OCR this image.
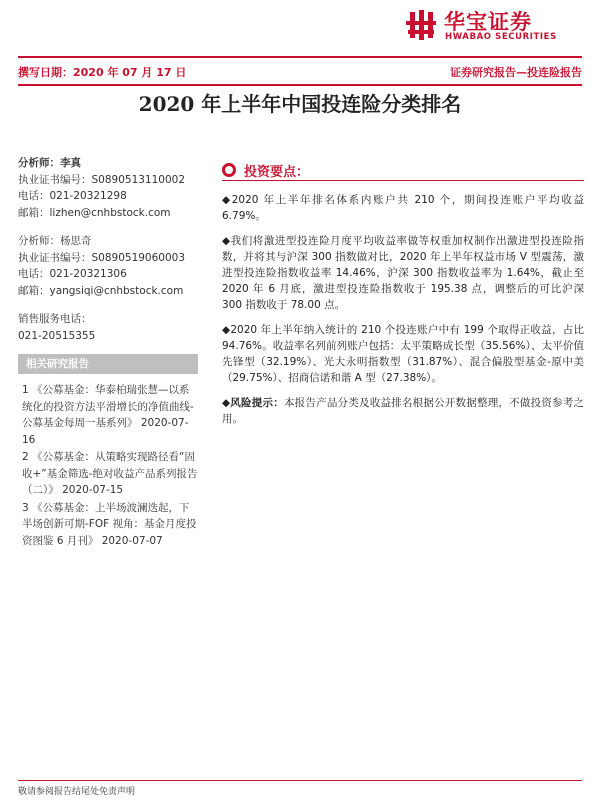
华宝证券
HWABAO SECURITIES
撰写日期：2020 年 07 月 17 日	证券研究报告—投连险报告
2020 年上半年中国投连险分类排名
分析师：李真
执业证书编号：S0890513110002
电话：021-20321298
邮箱：lizhen@cnhbstock.com
分析师：杨思奇
执业证书编号：S0890519060003
电话：021-20321306
邮箱：yangsiqi@cnhbstock.com
销售服务电话：
021-20515355
相关研究报告
1 《公募基金：华泰柏瑞张慧—以系统化的投资方法平滑增长的净值曲线-公募基金每周一基系列》 2020-07-16
2 《公募基金：从策略实现路径看“固收+”基金筛选-绝对收益产品系列报告（二）》 2020-07-15
3 《公募基金：上半场波澜迭起，下半场创新可期-FOF 视角：基金月度投资图鉴 6 月刊》 2020-07-07
投资要点：
◆2020 年上半年排名体系内账户共 210 个，期间投连账户平均收益 6.79%。
◆我们将激进型投连险月度平均收益率做等权重加权制作出激进型投连险指数，并将其与沪深 300 指数做对比，2020 年上半年权益市场 V 型震荡，激进型投连险指数收益率 14.46%，沪深 300 指数收益率为 1.64%，截止至 2020 年 6 月底，激进型投连险指数收于 195.38 点，调整后的可比沪深 300 指数收于 78.00 点。
◆2020 年上半年纳入统计的 210 个投连账户中有 199 个取得正收益，占比 94.76%。收益率名列前列账户包括：太平策略成长型（35.56%）、太平价值先锋型（32.19%）、光大永明指数型（31.87%）、混合偏股型基金-原中美（29.75%）、招商信诺和谐 A 型（27.38%）。
◆风险提示：本报告产品分类及收益排名根据公开数据整理，不做投资参考之用。
敬请参阅报告结尾处免责声明
